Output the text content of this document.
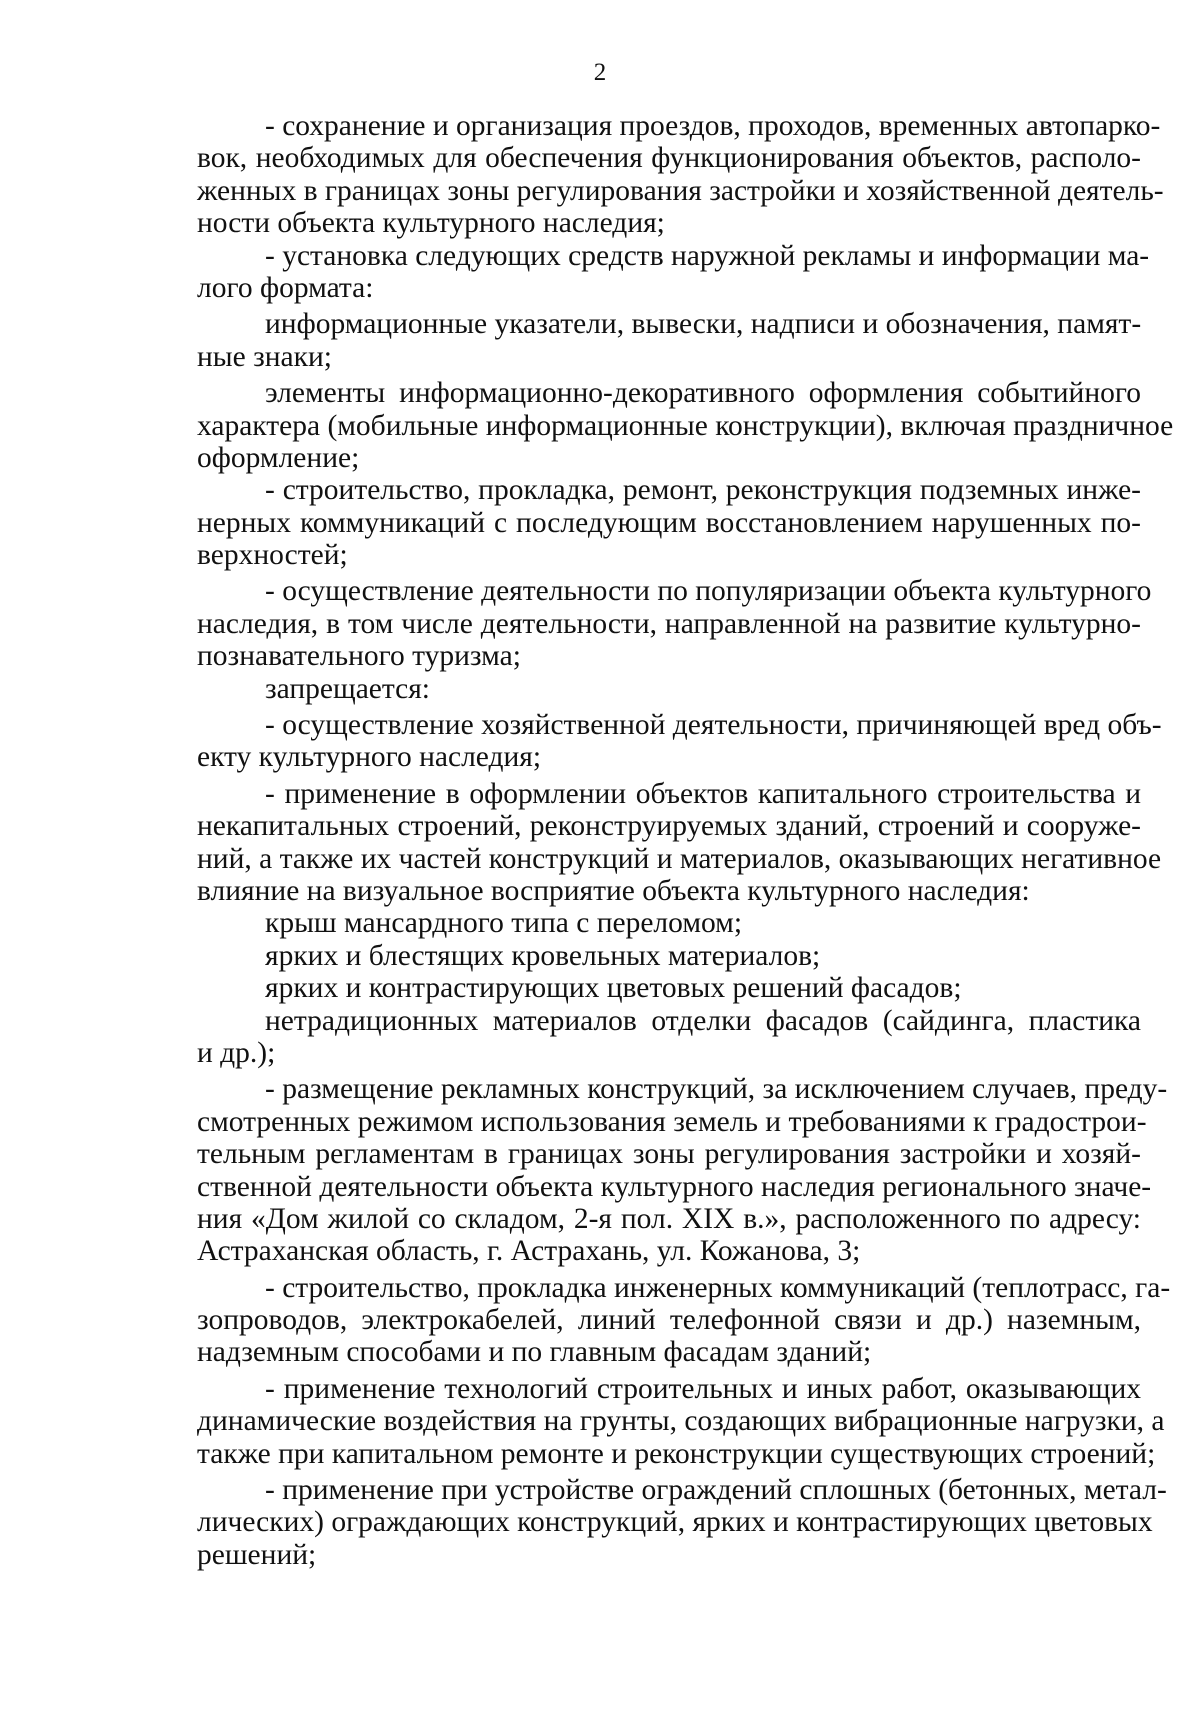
2
- сохранение и организация проездов, проходов, временных автопарко-
вок, необходимых для обеспечения функционирования объектов, располо-
женных в границах зоны регулирования застройки и хозяйственной деятель-
ности объекта культурного наследия;
- установка следующих средств наружной рекламы и информации ма-
лого формата:
информационные указатели, вывески, надписи и обозначения, памят-
ные знаки;
элементы информационно-декоративного оформления событийного
характера (мобильные информационные конструкции), включая праздничное
оформление;
- строительство, прокладка, ремонт, реконструкция подземных инже-
нерных коммуникаций с последующим восстановлением нарушенных по-
верхностей;
- осуществление деятельности по популяризации объекта культурного
наследия, в том числе деятельности, направленной на развитие культурно-
познавательного туризма;
запрещается:
- осуществление хозяйственной деятельности, причиняющей вред объ-
екту культурного наследия;
- применение в оформлении объектов капитального строительства и
некапитальных строений, реконструируемых зданий, строений и сооруже-
ний, а также их частей конструкций и материалов, оказывающих негативное
влияние на визуальное восприятие объекта культурного наследия:
крыш мансардного типа с переломом;
ярких и блестящих кровельных материалов;
ярких и контрастирующих цветовых решений фасадов;
нетрадиционных материалов отделки фасадов (сайдинга, пластика
и др.);
- размещение рекламных конструкций, за исключением случаев, преду-
смотренных режимом использования земель и требованиями к градострои-
тельным регламентам в границах зоны регулирования застройки и хозяй-
ственной деятельности объекта культурного наследия регионального значе-
ния «Дом жилой со складом, 2-я пол. XIX в.», расположенного по адресу:
Астраханская область, г. Астрахань, ул. Кожанова, 3;
- строительство, прокладка инженерных коммуникаций (теплотрасс, га-
зопроводов, электрокабелей, линий телефонной связи и др.) наземным,
надземным способами и по главным фасадам зданий;
- применение технологий строительных и иных работ, оказывающих
динамические воздействия на грунты, создающих вибрационные нагрузки, а
также при капитальном ремонте и реконструкции существующих строений;
- применение при устройстве ограждений сплошных (бетонных, метал-
лических) ограждающих конструкций, ярких и контрастирующих цветовых
решений;
